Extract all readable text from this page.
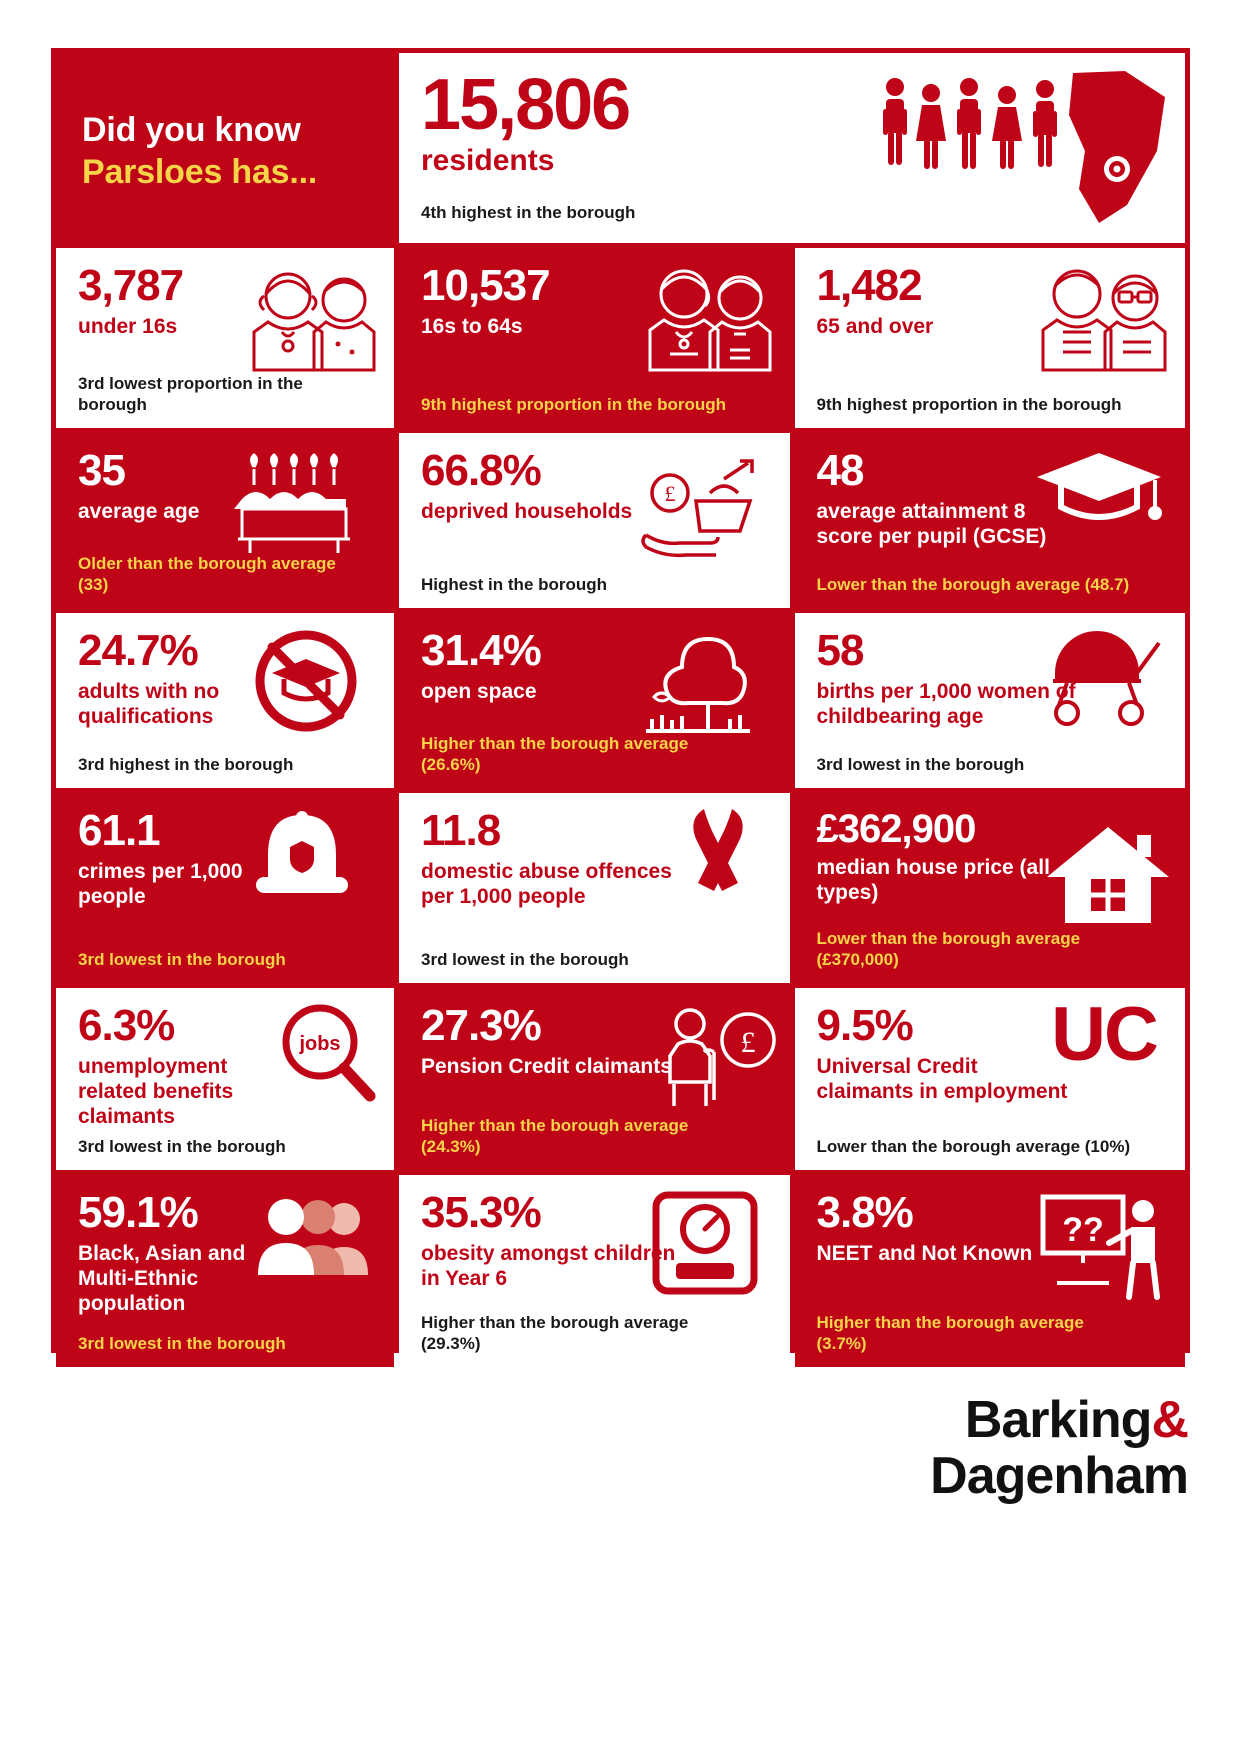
Did you know
Parsloes has...
15,806
residents
4th highest in the borough
3,787
under 16s
3rd lowest proportion in the borough
10,537
16s to 64s
9th highest proportion in the borough
1,482
65 and over
9th highest proportion in the borough
35
average age
Older than the borough average (33)
66.8%
deprived households
Highest in the borough
£	48
average attainment 8 score per pupil (GCSE)
Lower than the borough average (48.7)
24.7%
adults with no qualifications
3rd highest in the borough
31.4%
open space
Higher than the borough average (26.6%)
58
births per 1,000 women of childbearing age
3rd lowest in the borough
61.1
crimes per 1,000 people
3rd lowest in the borough
11.8
domestic abuse offences per 1,000 people
3rd lowest in the borough
£362,900
median house price (all types)
Lower than the borough average (£370,000)
6.3%
unemployment related benefits claimants
3rd lowest in the borough
jobs 27.3%
Pension Credit claimants
Higher than the borough average (24.3%)
£ 9.5%
Universal Credit claimants in employment
Lower than the borough average (10%)
UC
59.1%
Black, Asian and Multi-Ethnic population
3rd lowest in the borough
35.3%
obesity amongst children in Year 6
Higher than the borough average (29.3%)
3.8%
NEET and Not Known
Higher than the borough average (3.7%)
??
Barking&
Dagenham
